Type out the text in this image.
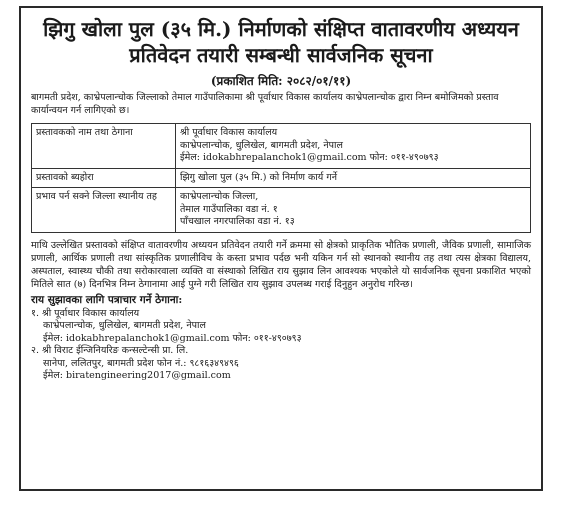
झिगु खोला पुल (३५ मि.) निर्माणको संक्षिप्त वातावरणीय अध्ययन
प्रतिवेदन तयारी सम्बन्धी सार्वजनिक सूचना
(प्रकाशित मिति: २०८२/०१/११)

बागमती प्रदेश, काभ्रेपलान्चोक जिल्लाको तेमाल गाउँपालिकामा श्री पूर्वाधार विकास कार्यालय काभ्रेपलान्चोक द्वारा निम्न बमोजिमको प्रस्ताव कार्यान्वयन गर्न लागिएको छ।

प्रस्तावकको नाम तथा ठेगाना	श्री पूर्वाधार विकास कार्यालय
काभ्रेपलान्चोक, धुलिखेल, बागमती प्रदेश, नेपाल
ईमेल: idokabhrepalanchok1@gmail.com फोन: ०११-४९०७९३

प्रस्तावको ब्यहोरा	झिगु खोला पुल (३५ मि.) को निर्माण कार्य गर्ने

प्रभाव पर्न सक्ने जिल्ला स्थानीय तह	काभ्रेपलान्चोक जिल्ला,
तेमाल गाउँपालिका वडा नं. १
पाँचखाल नगरपालिका वडा नं. १३

माथि उल्लेखित प्रस्तावको संक्षिप्त वातावरणीय अध्ययन प्रतिवेदन तयारी गर्ने क्रममा सो क्षेत्रको प्राकृतिक भौतिक प्रणाली, जैविक प्रणाली, सामाजिक प्रणाली, आर्थिक प्रणाली तथा सांस्कृतिक प्रणालीविच के कस्ता प्रभाव पर्दछ भनी यकिन गर्न सो स्थानको स्थानीय तह तथा त्यस क्षेत्रका विद्यालय, अस्पताल, स्वास्थ्य चौकी तथा सरोकारवाला व्यक्ति वा संस्थाको लिखित राय सुझाव लिन आवश्यक भएकोले यो सार्वजनिक सूचना प्रकाशित भएको मितिले सात (७) दिनभित्र निम्न ठेगानामा आई पुग्ने गरी लिखित राय सुझाव उपलब्ध गराई दिनुहुन अनुरोध गरिन्छ।

राय सुझावका लागि पत्राचार गर्ने ठेगाना:

१. श्री पूर्वाधार विकास कार्यालय

काभ्रेपलान्चोक, धुलिखेल, बागमती प्रदेश, नेपाल

ईमेल: idokabhrepalanchok1@gmail.com फोन: ०११-४९०७९३

२. श्री विराट ईन्जिनियरिङ कन्सल्टेन्सी प्रा. लि.

सानेपा, ललितपुर, बागमती प्रदेश फोन नं.: ९८१६३४९४९६

ईमेल: biratengineering2017@gmail.com
